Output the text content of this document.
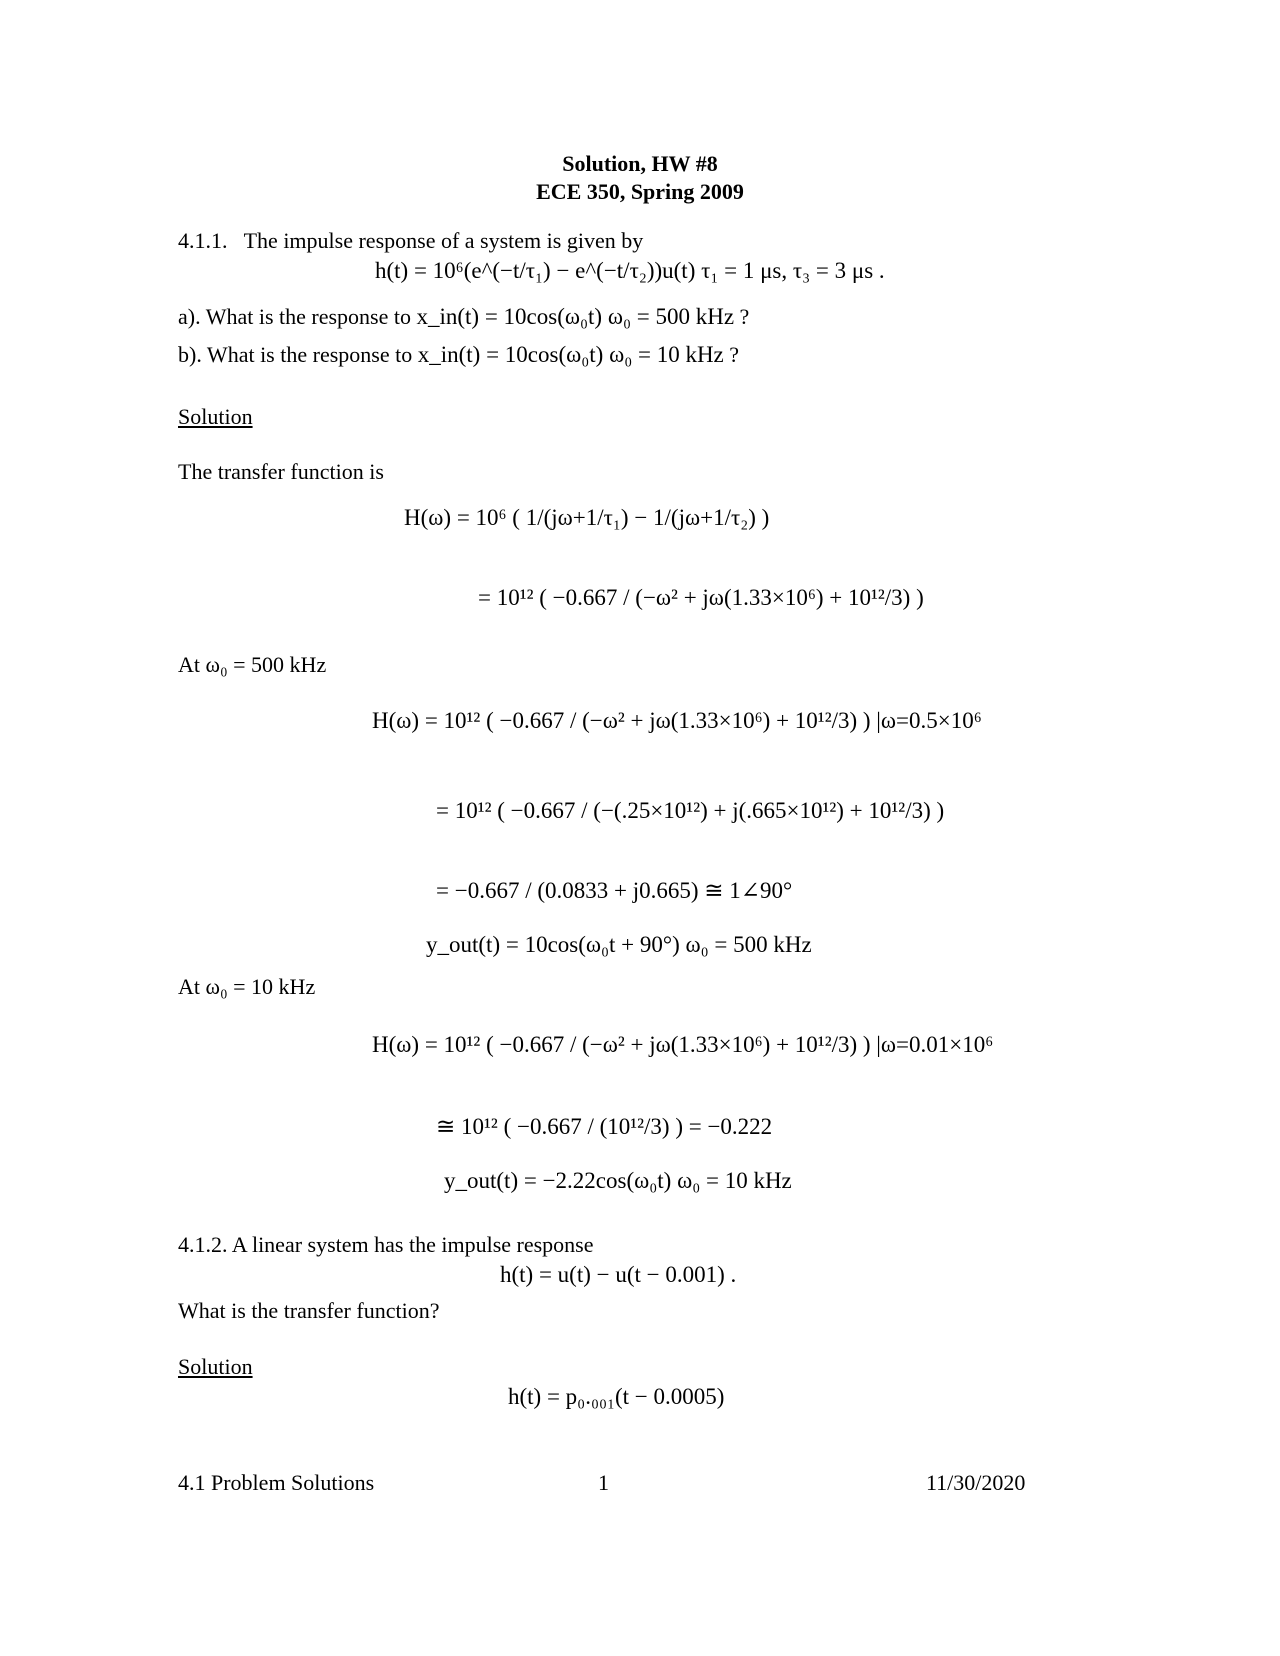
Solution, HW #8
ECE 350, Spring 2009
4.1.1. The impulse response of a system is given by
h(t) = 10⁶(e^(−t/τ₁) − e^(−t/τ₂))u(t) τ₁ = 1 μs, τ₃ = 3 μs .
a). What is the response to x_in(t) = 10cos(ω₀t) ω₀ = 500 kHz ?
b). What is the response to x_in(t) = 10cos(ω₀t) ω₀ = 10 kHz ?
Solution
The transfer function is
H(ω) = 10⁶ ( 1/(jω+1/τ₁) − 1/(jω+1/τ₂) )
= 10¹² ( −0.667 / (−ω² + jω(1.33×10⁶) + 10¹²/3) )
At ω₀ = 500 kHz
H(ω) = 10¹² ( −0.667 / (−ω² + jω(1.33×10⁶) + 10¹²/3) ) |ω=0.5×10⁶
= 10¹² ( −0.667 / (−(.25×10¹²) + j(.665×10¹²) + 10¹²/3) )
= −0.667 / (0.0833 + j0.665) ≅ 1∠90°
y_out(t) = 10cos(ω₀t + 90°) ω₀ = 500 kHz
At ω₀ = 10 kHz
H(ω) = 10¹² ( −0.667 / (−ω² + jω(1.33×10⁶) + 10¹²/3) ) |ω=0.01×10⁶
≅ 10¹² ( −0.667 / (10¹²/3) ) = −0.222
y_out(t) = −2.22cos(ω₀t) ω₀ = 10 kHz
4.1.2. A linear system has the impulse response
h(t) = u(t) − u(t − 0.001) .
What is the transfer function?
Solution
h(t) = p₀.₀₀₁(t − 0.0005)
4.1 Problem Solutions	1	11/30/2020
